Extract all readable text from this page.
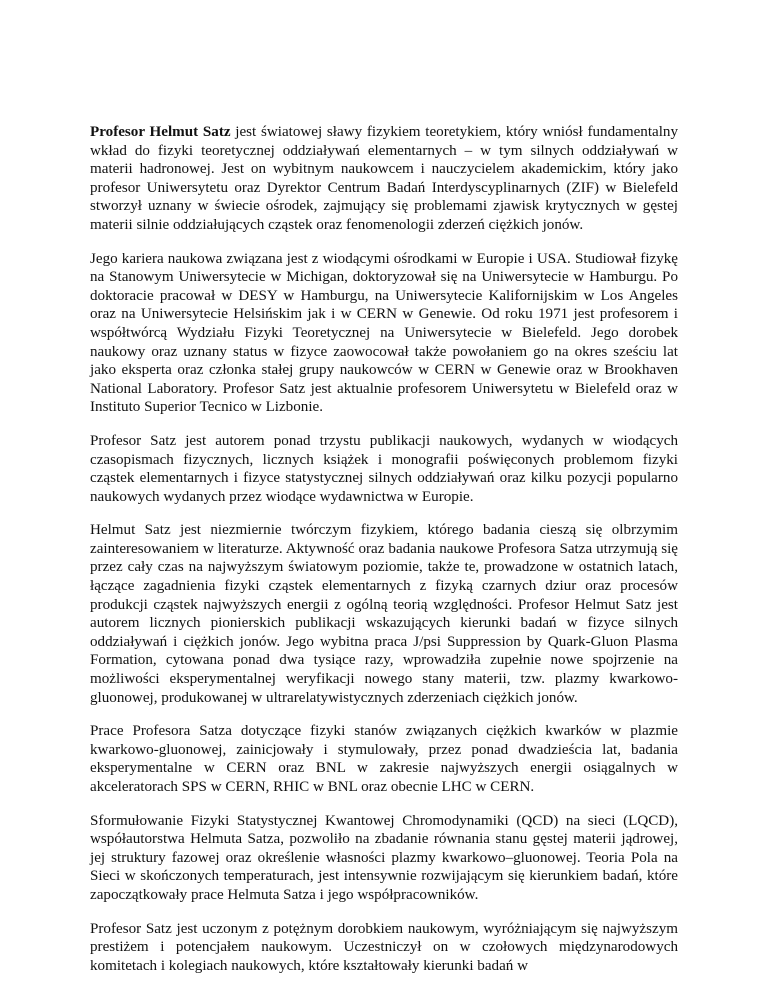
Profesor Helmut Satz jest światowej sławy fizykiem teoretykiem, który wniósł fundamentalny wkład do fizyki teoretycznej oddziaływań elementarnych – w tym silnych oddziaływań w materii hadronowej. Jest on wybitnym naukowcem i nauczycielem akademickim, który jako profesor Uniwersytetu oraz Dyrektor Centrum Badań Interdyscyplinarnych (ZIF) w Bielefeld stworzył uznany w świecie ośrodek, zajmujący się problemami zjawisk krytycznych w gęstej materii silnie oddziałujących cząstek oraz fenomenologii zderzeń ciężkich jonów.

Jego kariera naukowa związana jest z wiodącymi ośrodkami w Europie i USA. Studiował fizykę na Stanowym Uniwersytecie w Michigan, doktoryzował się na Uniwersytecie w Hamburgu. Po doktoracie pracował w DESY w Hamburgu, na Uniwersytecie Kalifornijskim w Los Angeles oraz na Uniwersytecie Helsińskim jak i w CERN w Genewie. Od roku 1971 jest profesorem i współtwórcą Wydziału Fizyki Teoretycznej na Uniwersytecie w Bielefeld. Jego dorobek naukowy oraz uznany status w fizyce zaowocował także powołaniem go na okres sześciu lat jako eksperta oraz członka stałej grupy naukowców w CERN w Genewie oraz w Brookhaven National Laboratory. Profesor Satz jest aktualnie profesorem Uniwersytetu w Bielefeld oraz w Instituto Superior Tecnico w Lizbonie.

Profesor Satz jest autorem ponad trzystu publikacji naukowych, wydanych w wiodących czasopismach fizycznych, licznych książek i monografii poświęconych problemom fizyki cząstek elementarnych i fizyce statystycznej silnych oddziaływań oraz kilku pozycji popularno naukowych wydanych przez wiodące wydawnictwa w Europie.

Helmut Satz jest niezmiernie twórczym fizykiem, którego badania cieszą się olbrzymim zainteresowaniem w literaturze. Aktywność oraz badania naukowe Profesora Satza utrzymują się przez cały czas na najwyższym światowym poziomie, także te, prowadzone w ostatnich latach, łączące zagadnienia fizyki cząstek elementarnych z fizyką czarnych dziur oraz procesów produkcji cząstek najwyższych energii z ogólną teorią względności. Profesor Helmut Satz jest autorem licznych pionierskich publikacji wskazujących kierunki badań w fizyce silnych oddziaływań i ciężkich jonów. Jego wybitna praca J/psi Suppression by Quark-Gluon Plasma Formation, cytowana ponad dwa tysiące razy, wprowadziła zupełnie nowe spojrzenie na możliwości eksperymentalnej weryfikacji nowego stany materii, tzw. plazmy kwarkowo-gluonowej, produkowanej w ultrarelatywistycznych zderzeniach ciężkich jonów.

Prace Profesora Satza dotyczące fizyki stanów związanych ciężkich kwarków w plazmie kwarkowo-gluonowej, zainicjowały i stymulowały, przez ponad dwadzieścia lat, badania eksperymentalne w CERN oraz BNL w zakresie najwyższych energii osiągalnych w akceleratorach SPS w CERN, RHIC w BNL oraz obecnie LHC w CERN.

Sformułowanie Fizyki Statystycznej Kwantowej Chromodynamiki (QCD) na sieci (LQCD), współautorstwa Helmuta Satza, pozwoliło na zbadanie równania stanu gęstej materii jądrowej, jej struktury fazowej oraz określenie własności plazmy kwarkowo–gluonowej. Teoria Pola na Sieci w skończonych temperaturach, jest intensywnie rozwijającym się kierunkiem badań, które zapoczątkowały prace Helmuta Satza i jego współpracowników.

Profesor Satz jest uczonym z potężnym dorobkiem naukowym, wyróżniającym się najwyższym prestiżem i potencjałem naukowym. Uczestniczył on w czołowych międzynarodowych komitetach i kolegiach naukowych, które kształtowały kierunki badań w
